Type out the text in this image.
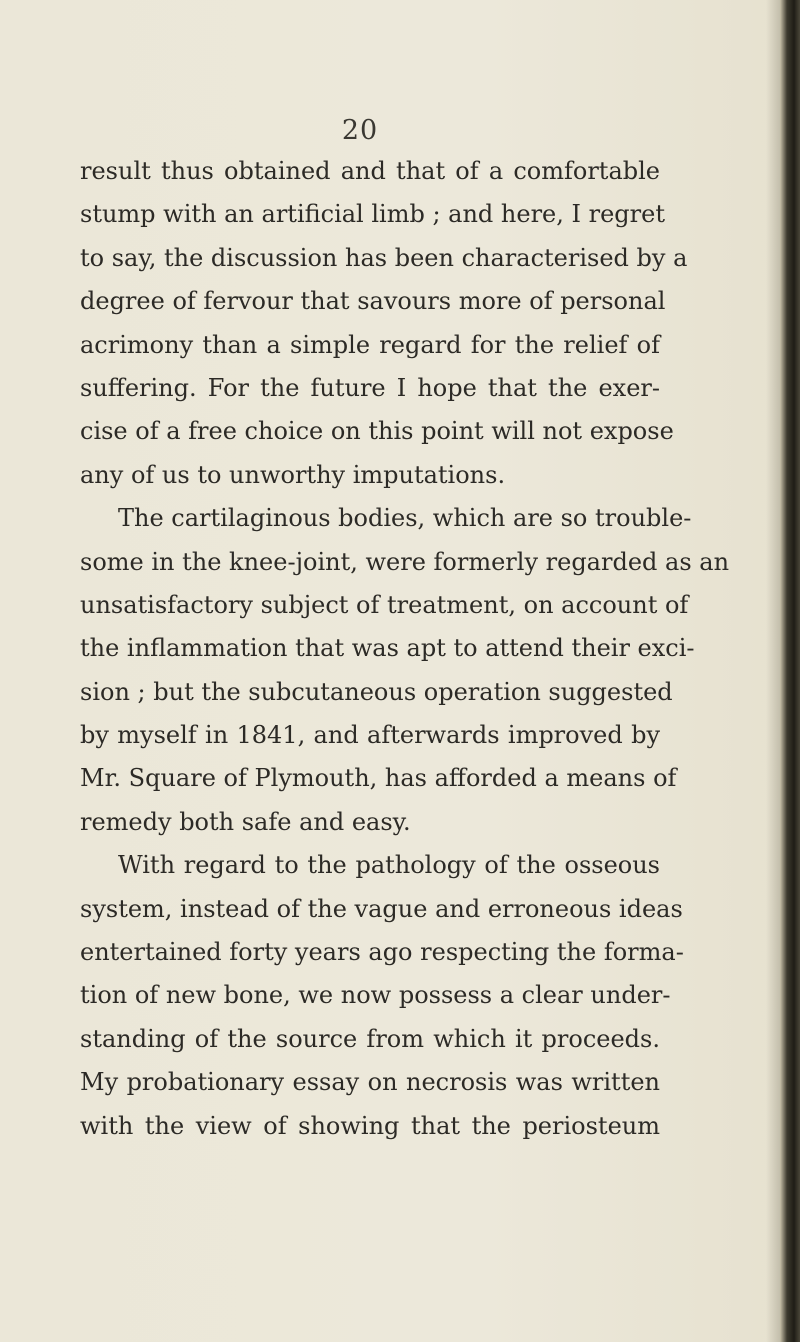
20
result thus obtained and that of a comfortable
stump with an artificial limb ; and here, I regret
to say, the discussion has been characterised by a
degree of fervour that savours more of personal
acrimony than a simple regard for the relief of
suffering. For the future I hope that the exer-
cise of a free choice on this point will not expose
any of us to unworthy imputations.
The cartilaginous bodies, which are so trouble-
some in the knee-joint, were formerly regarded as an
unsatisfactory subject of treatment, on account of
the inflammation that was apt to attend their exci-
sion ; but the subcutaneous operation suggested
by myself in 1841, and afterwards improved by
Mr. Square of Plymouth, has afforded a means of
remedy both safe and easy.
With regard to the pathology of the osseous
system, instead of the vague and erroneous ideas
entertained forty years ago respecting the forma-
tion of new bone, we now possess a clear under-
standing of the source from which it proceeds.
My probationary essay on necrosis was written
with the view of showing that the periosteum
